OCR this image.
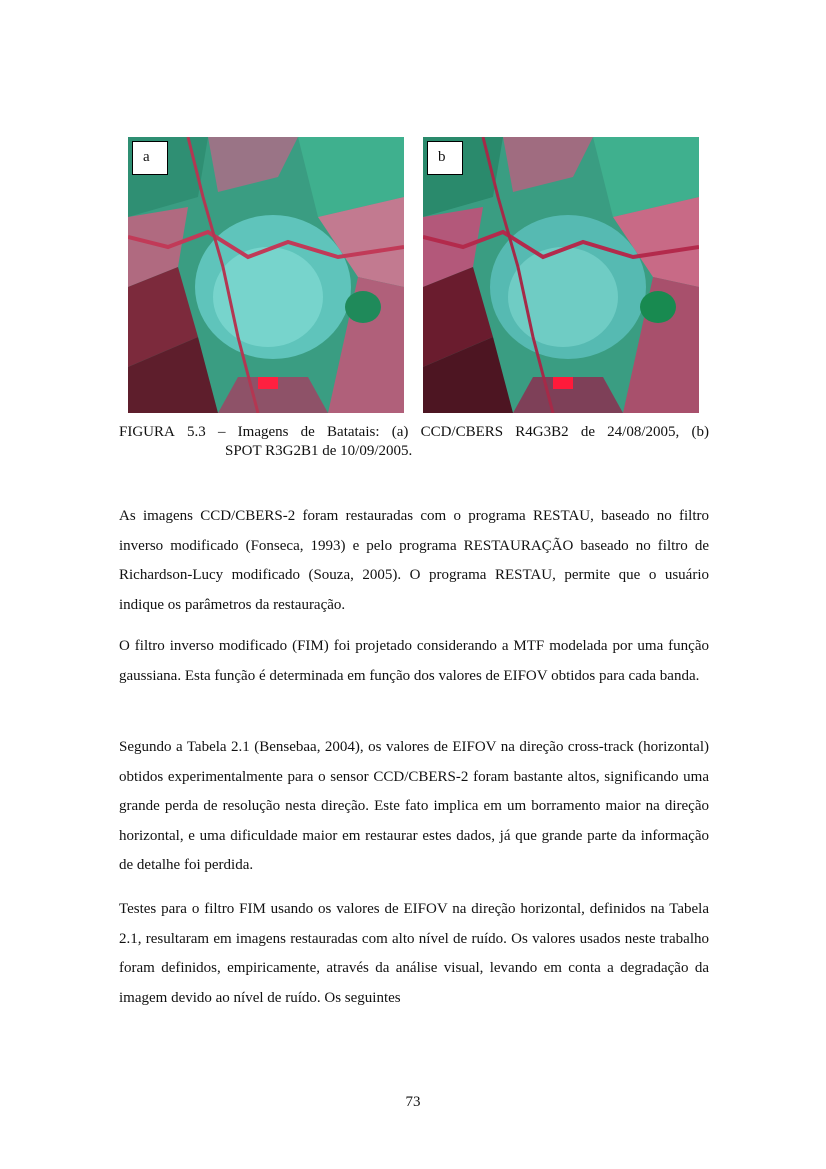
a	b
FIGURA 5.3 – Imagens de Batatais: (a) CCD/CBERS R4G3B2 de 24/08/2005, (b)
SPOT R3G2B1 de 10/09/2005.

As imagens CCD/CBERS-2 foram restauradas com o programa RESTAU, baseado no filtro inverso modificado (Fonseca, 1993) e pelo programa RESTAURAÇÃO baseado no filtro de Richardson-Lucy modificado (Souza, 2005). O programa RESTAU, permite que o usuário indique os parâmetros da restauração.

O filtro inverso modificado (FIM) foi projetado considerando a MTF modelada por uma função gaussiana. Esta função é determinada em função dos valores de EIFOV obtidos para cada banda.

Segundo a Tabela 2.1 (Bensebaa, 2004), os valores de EIFOV na direção cross-track (horizontal) obtidos experimentalmente para o sensor CCD/CBERS-2 foram bastante altos, significando uma grande perda de resolução nesta direção. Este fato implica em um borramento maior na direção horizontal, e uma dificuldade maior em restaurar estes dados, já que grande parte da informação de detalhe foi perdida.

Testes para o filtro FIM usando os valores de EIFOV na direção horizontal, definidos na Tabela 2.1, resultaram em imagens restauradas com alto nível de ruído. Os valores usados neste trabalho foram definidos, empiricamente, através da análise visual, levando em conta a degradação da imagem devido ao nível de ruído. Os seguintes

73
